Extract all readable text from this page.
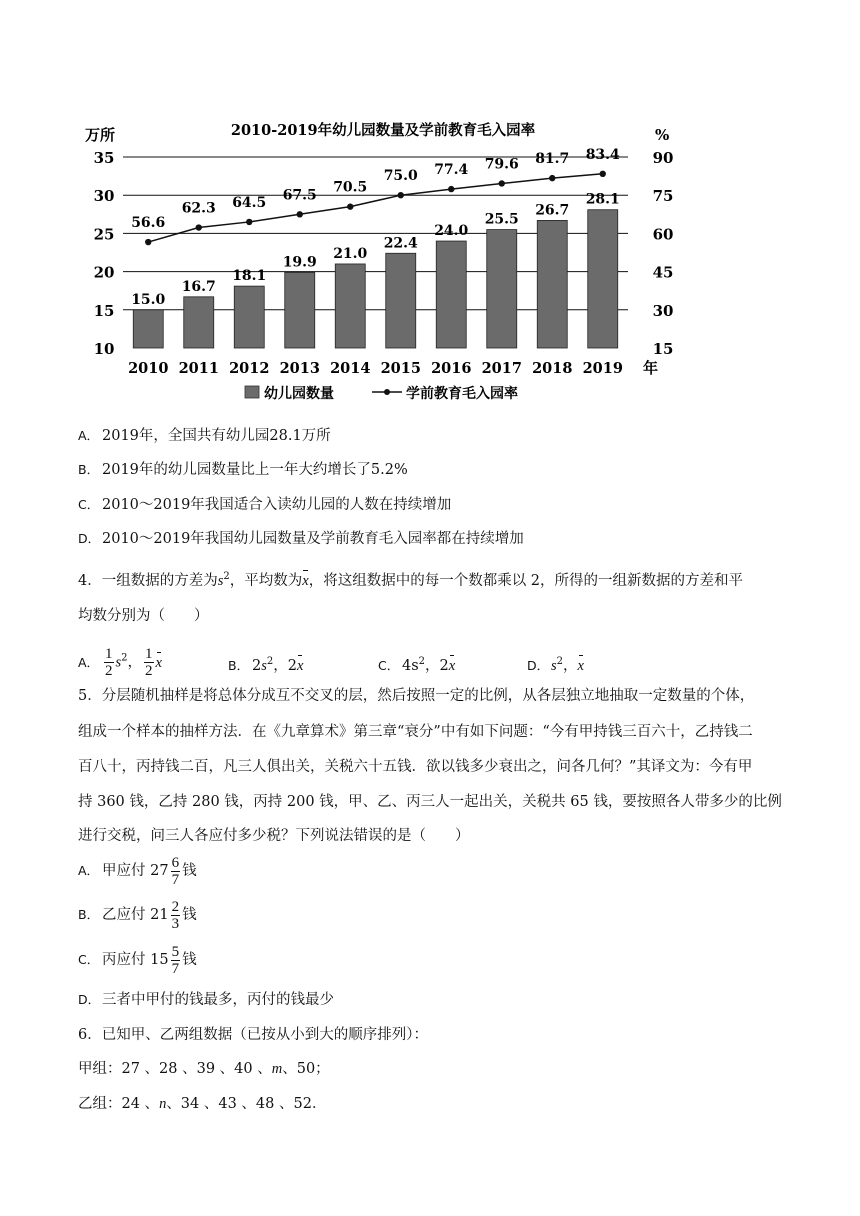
2010-2019年幼儿园数量及学前教育毛入园率
万所	%
15.0
16.7
18.1
19.9
21.0
22.4
24.0
25.5
26.7
28.1
56.6
62.3 64.5 67.5 70.5
75.0 77.4 79.6 81.7 83.4
35
30
25
20
15
10
90
75
60
45
30
15
2010 2011 2012 2013 2014 2015 2016 2017 2018 2019 年
幼儿园数量	学前教育毛入园率
A． 2019年，全国共有幼儿园28.1万所
B． 2019年的幼儿园数量比上一年大约增长了5.2%
C． 2010～2019年我国适合入读幼儿园的人数在持续增加
D． 2010～2019年我国幼儿园数量及学前教育毛入园率都在持续增加
4．一组数据的方差为$s^2$，平均数为x，将这组数据中的每一个数都乘以 2，所得的一组新数据的方差和平
均数分别为（　　）
A． $\frac{1}{2} s^2$， $\frac{1}{2}$ x	B． $2s^2$，2x	C． $4s^2$，2x	D． $s^2$，x
5．分层随机抽样是将总体分成互不交叉的层，然后按照一定的比例，从各层独立地抽取一定数量的个体，
组成一个样本的抽样方法．在《九章算术》第三章“衰分”中有如下问题：“今有甲持钱三百六十，乙持钱二
百八十，丙持钱二百，凡三人俱出关，关税六十五钱．欲以钱多少衰出之，问各几何？”其译文为：今有甲
持 360 钱，乙持 280 钱，丙持 200 钱，甲、乙、丙三人一起出关，关税共 65 钱，要按照各人带多少的比例
进行交税，问三人各应付多少税？下列说法错误的是（　　）
A． 甲应付 $27 \frac{6}{7}$ 钱
B． 乙应付 $21 \frac{2}{3}$ 钱
C． 丙应付 $15 \frac{5}{7}$ 钱
D． 三者中甲付的钱最多，丙付的钱最少
6．已知甲、乙两组数据（已按从小到大的顺序排列）：
甲组：27 、28 、39 、40 、m、50；
乙组：24 、n、34 、43 、48 、52．
